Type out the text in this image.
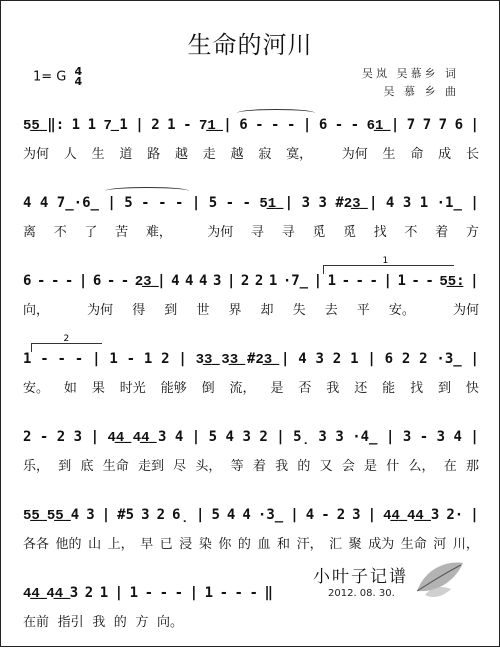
生命的河川
1= G 4
4
吴岚 吴慕乡 词
吴 慕 乡 曲
5͟5͟ ‖: 1 1 7͟ 1 | 2 1 - 7͟1͟ | 6 - - - | 6 - - 6͟1͟ | 7 7 7 6 |
为何 人 生 道 路 越 走 越 寂 寞， 为何 生 命 成 长
4 4 7̲·6̲ | 5 - - - | 5 - - 5͟1͟ | 3 3 #2͟3͟ | 4 3 1 ·1̲ |
离 不 了 苦 难，	为何 寻 寻 觅 觅 找 不 着 方
1
6 - - - | 6 - - 2͟3͟ | 4 4 4 3 | 2 2 1 ·7̲ | 1 - - - | 1 - - 5͟5͟: |
向，	为何 得 到 世 界 却 失 去 平 安。	为何
2
1 - - - | 1 - 1 2 | 3͟3͟ 3͟3͟ #2͟3͟ | 4 3 2 1 | 6 2 2 ·3̲ |
安。 如 果 时光 能够 倒 流， 是 否 我 还 能 找 到 快
2 - 2 3 | 4͟4͟ 4͟4͟ 3 4 | 5 4 3 2 | 5̣ 3 3 ·4̲ | 3 - 3 4 |
乐， 到 底 生命 走到 尽 头， 等 着 我 的 又 会 是 什 么， 在 那
5͟5͟ 5͟5͟ 4 3 | #5 3 2 6̣ | 5 4 4 ·3̲ | 4 - 2 3 | 4͟4͟ 4͟4͟ 3 2· |
各各 他的 山 上， 早 已 浸 染 你 的 血 和 汗， 汇 聚 成为 生命 河 川，
4͟4͟ 4͟4͟ 3 2 1 | 1 - - - | 1 - - - ‖
在前 指引 我 的 方 向。
小叶子记谱
2012. 08. 30.
